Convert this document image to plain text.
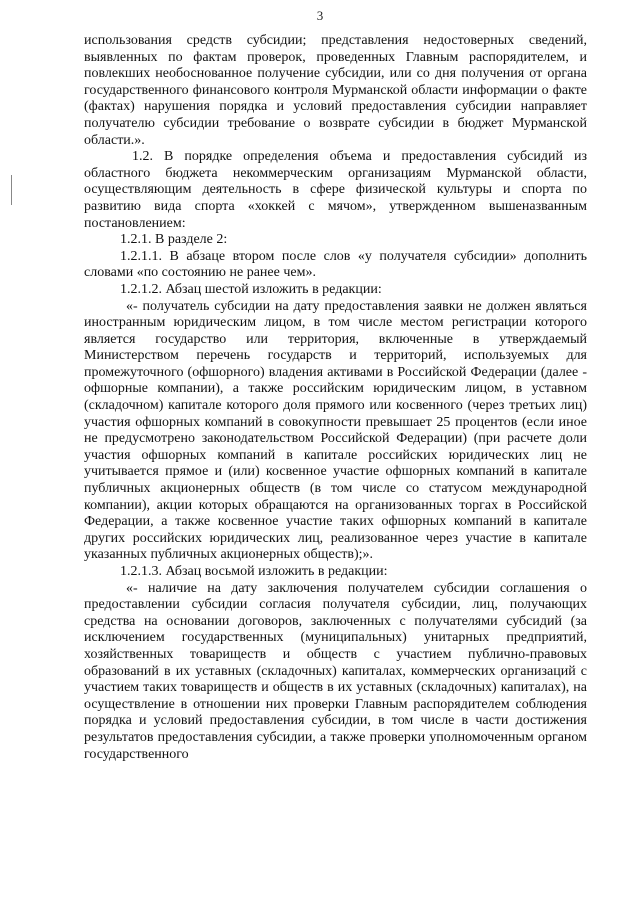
3

использования средств субсидии; представления недостоверных сведений, выявленных по фактам проверок, проведенных Главным распорядителем, и повлекших необоснованное получение субсидии, или со дня получения от органа государственного финансового контроля Мурманской области информации о факте (фактах) нарушения порядка и условий предоставления субсидии направляет получателю субсидии требование о возврате субсидии в бюджет Мурманской области.».

1.2. В порядке определения объема и предоставления субсидий из областного бюджета некоммерческим организациям Мурманской области, осуществляющим деятельность в сфере физической культуры и спорта по развитию вида спорта «хоккей с мячом», утвержденном вышеназванным постановлением:

1.2.1. В разделе 2:

1.2.1.1. В абзаце втором после слов «у получателя субсидии» дополнить словами «по состоянию не ранее чем».

1.2.1.2. Абзац шестой изложить в редакции:

«- получатель субсидии на дату предоставления заявки не должен являться иностранным юридическим лицом, в том числе местом регистрации которого является государство или территория, включенные в утверждаемый Министерством перечень государств и территорий, используемых для промежуточного (офшорного) владения активами в Российской Федерации (далее - офшорные компании), а также российским юридическим лицом, в уставном (складочном) капитале которого доля прямого или косвенного (через третьих лиц) участия офшорных компаний в совокупности превышает 25 процентов (если иное не предусмотрено законодательством Российской Федерации) (при расчете доли участия офшорных компаний в капитале российских юридических лиц не учитывается прямое и (или) косвенное участие офшорных компаний в капитале публичных акционерных обществ (в том числе со статусом международной компании), акции которых обращаются на организованных торгах в Российской Федерации, а также косвенное участие таких офшорных компаний в капитале других российских юридических лиц, реализованное через участие в капитале указанных публичных акционерных обществ);».

1.2.1.3. Абзац восьмой изложить в редакции:

«- наличие на дату заключения получателем субсидии соглашения о предоставлении субсидии согласия получателя субсидии, лиц, получающих средства на основании договоров, заключенных с получателями субсидий (за исключением государственных (муниципальных) унитарных предприятий, хозяйственных товариществ и обществ с участием публично-правовых образований в их уставных (складочных) капиталах, коммерческих организаций с участием таких товариществ и обществ в их уставных (складочных) капиталах), на осуществление в отношении них проверки Главным распорядителем соблюдения порядка и условий предоставления субсидии, в том числе в части достижения результатов предоставления субсидии, а также проверки уполномоченным органом государственного
